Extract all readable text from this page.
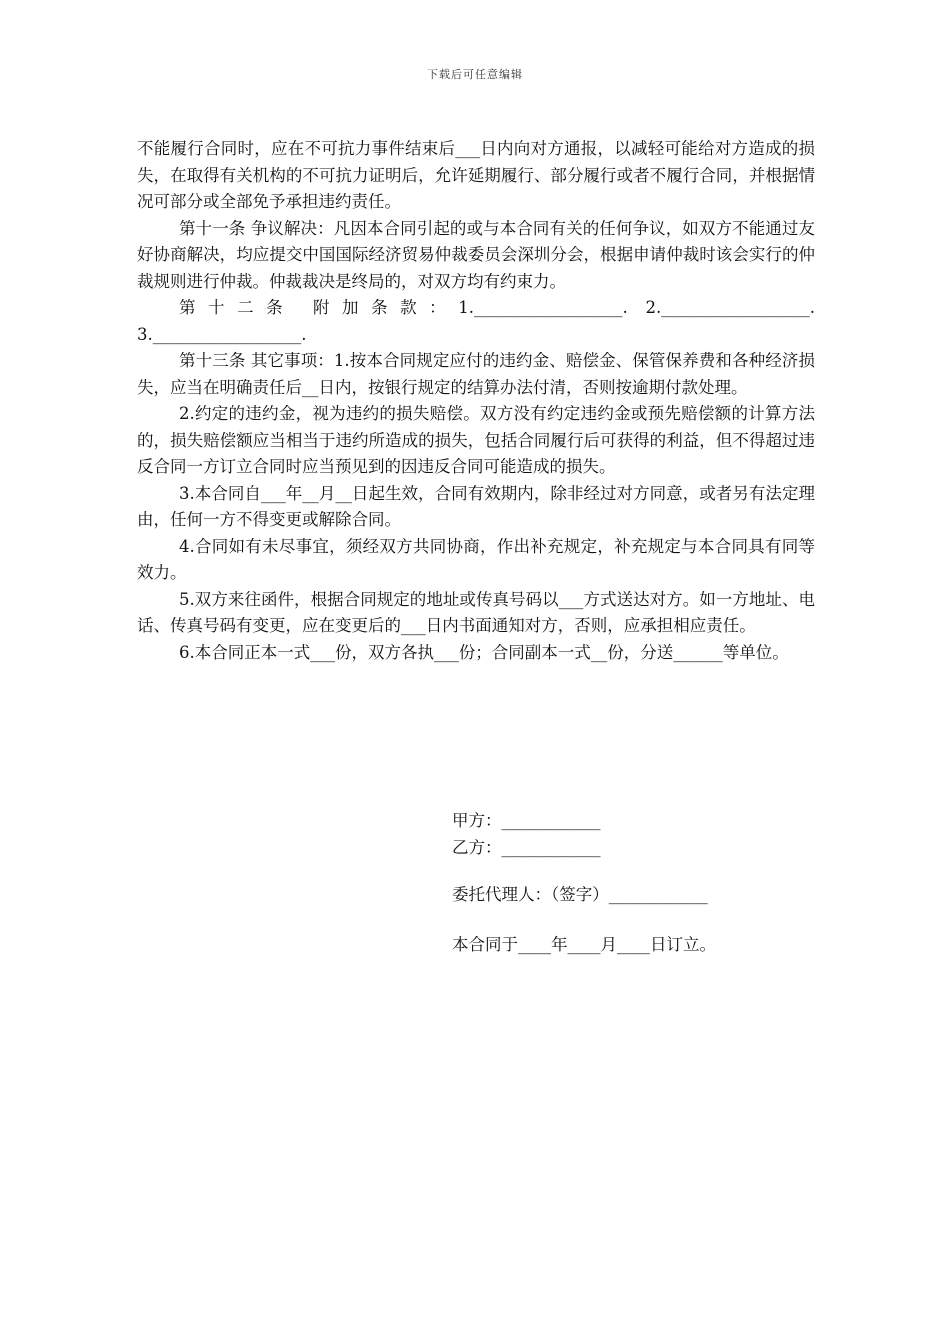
下载后可任意编辑

不能履行合同时，应在不可抗力事件结束后___日内向对方通报，以减轻可能给对方造成的损失，在取得有关机构的不可抗力证明后，允许延期履行、部分履行或者不履行合同，并根据情况可部分或全部免予承担违约责任。

第十一条 争议解决：凡因本合同引起的或与本合同有关的任何争议，如双方不能通过友好协商解决，均应提交中国国际经济贸易仲裁委员会深圳分会，根据申请仲裁时该会实行的仲裁规则进行仲裁。仲裁裁决是终局的，对双方均有约束力。

第十二条 附加条款：1.__________________. 2.__________________. 3.__________________.

第十三条 其它事项：1.按本合同规定应付的违约金、赔偿金、保管保养费和各种经济损失，应当在明确责任后__日内，按银行规定的结算办法付清，否则按逾期付款处理。

2.约定的违约金，视为违约的损失赔偿。双方没有约定违约金或预先赔偿额的计算方法的，损失赔偿额应当相当于违约所造成的损失，包括合同履行后可获得的利益，但不得超过违反合同一方订立合同时应当预见到的因违反合同可能造成的损失。

3.本合同自___年__月__日起生效，合同有效期内，除非经过对方同意，或者另有法定理由，任何一方不得变更或解除合同。

4.合同如有未尽事宜，须经双方共同协商，作出补充规定，补充规定与本合同具有同等效力。

5.双方来往函件，根据合同规定的地址或传真号码以___方式送达对方。如一方地址、电话、传真号码有变更，应在变更后的___日内书面通知对方，否则，应承担相应责任。

6.本合同正本一式___份，双方各执___份；合同副本一式__份，分送______等单位。

甲方：____________
乙方：____________
委托代理人：（签字）____________
本合同于____年____月____日订立。
